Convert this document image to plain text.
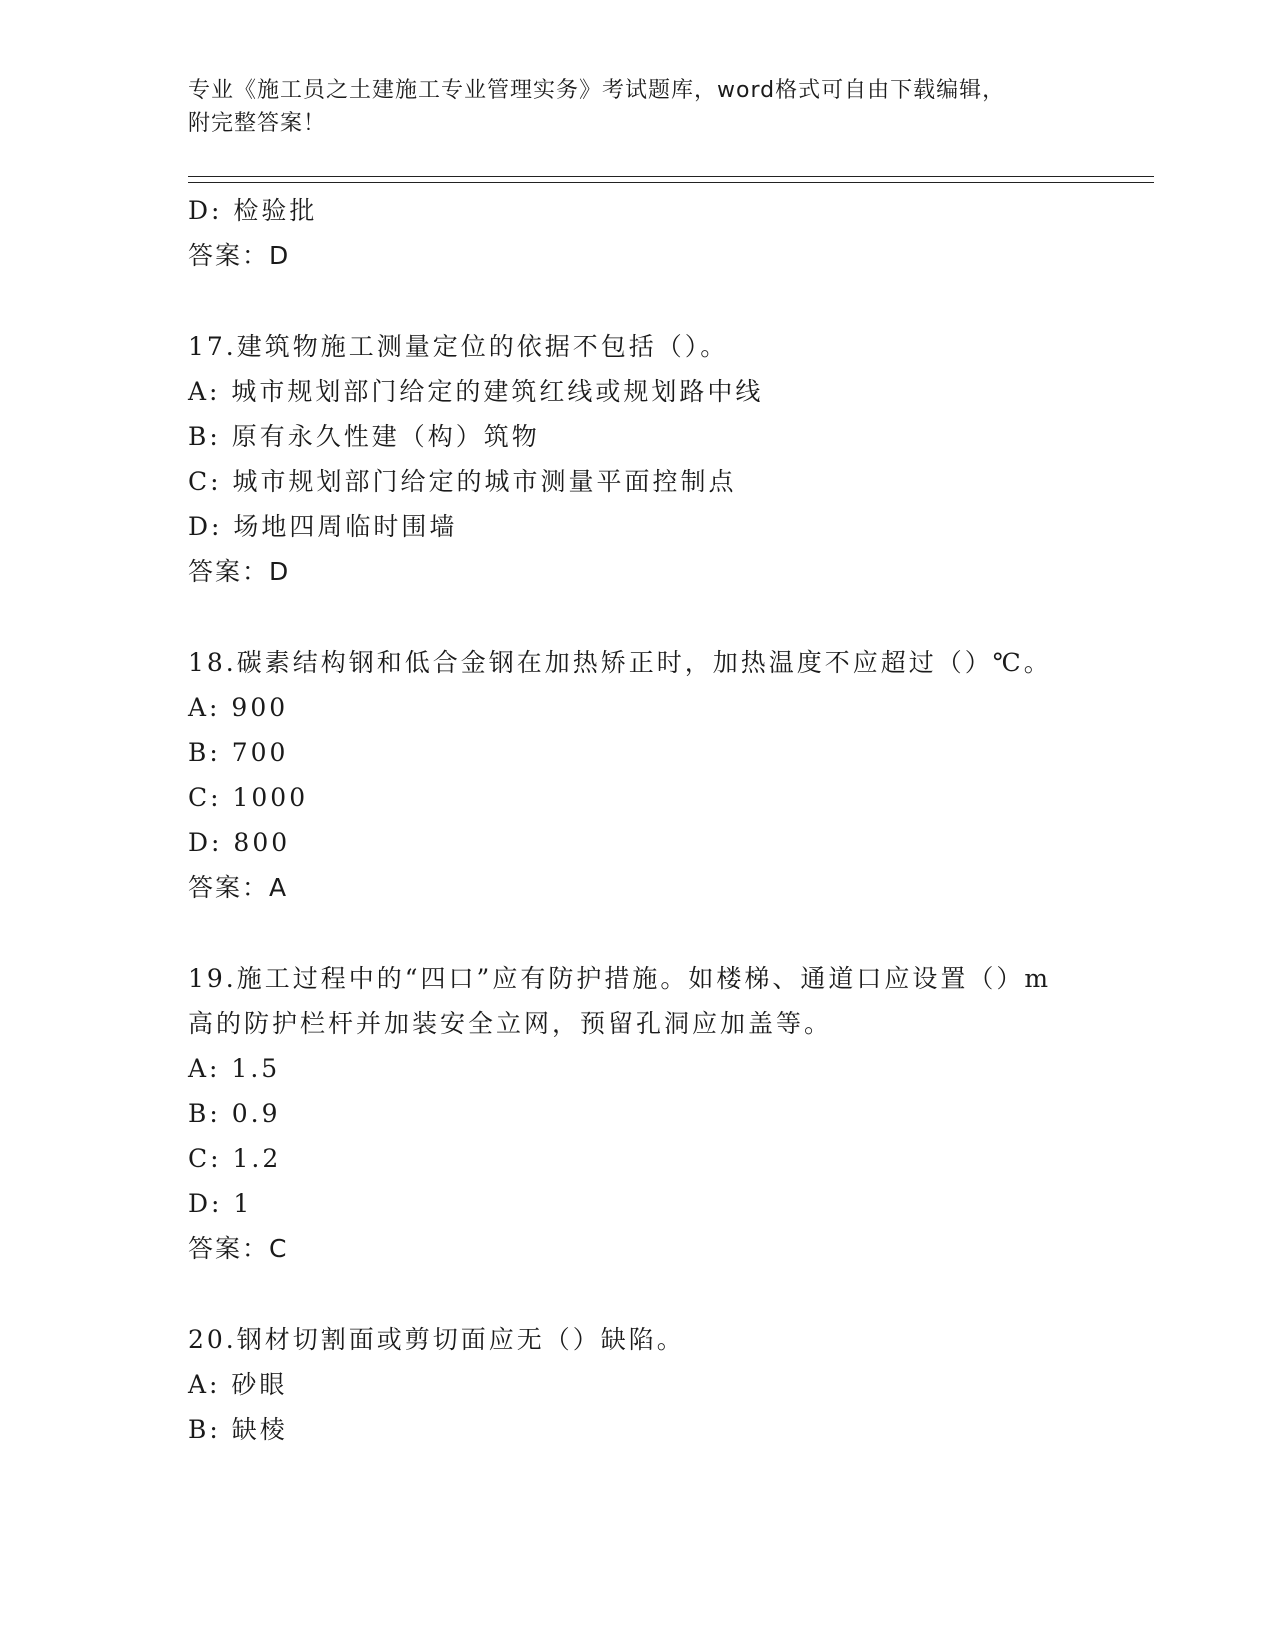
专业《施工员之土建施工专业管理实务》考试题库，word格式可自由下载编辑，
附完整答案！
D: 检验批
答案：D
17.建筑物施工测量定位的依据不包括（）。
A: 城市规划部门给定的建筑红线或规划路中线
B: 原有永久性建（构）筑物
C: 城市规划部门给定的城市测量平面控制点
D: 场地四周临时围墙
答案：D
18.碳素结构钢和低合金钢在加热矫正时，加热温度不应超过（）℃。
A: 900
B: 700
C: 1000
D: 800
答案：A
19.施工过程中的“四口”应有防护措施。如楼梯、通道口应设置（）m高的防护栏杆并加装安全立网，预留孔洞应加盖等。
A: 1.5
B: 0.9
C: 1.2
D: 1
答案：C
20.钢材切割面或剪切面应无（）缺陷。
A: 砂眼
B: 缺棱
